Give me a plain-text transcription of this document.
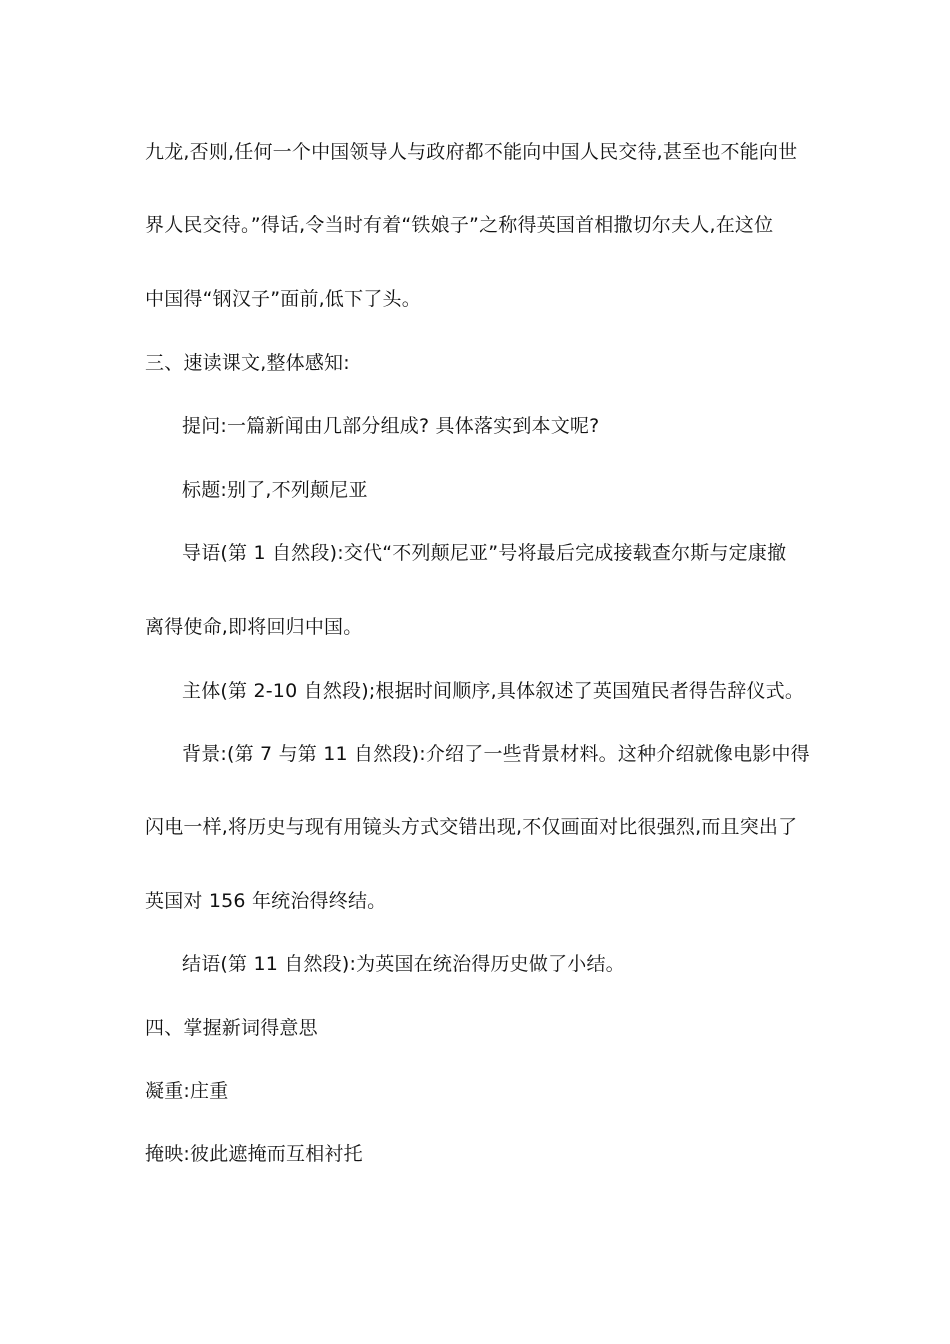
九龙,否则,任何一个中国领导人与政府都不能向中国人民交待,甚至也不能向世
界人民交待。”得话,令当时有着“铁娘子”之称得英国首相撒切尔夫人,在这位
中国得“钢汉子”面前,低下了头。
三、速读课文,整体感知:
提问:一篇新闻由几部分组成? 具体落实到本文呢?
标题:别了,不列颠尼亚
导语(第 1 自然段):交代“不列颠尼亚”号将最后完成接载查尔斯与定康撤
离得使命,即将回归中国。
主体(第 2-10 自然段);根据时间顺序,具体叙述了英国殖民者得告辞仪式。
背景:(第 7 与第 11 自然段):介绍了一些背景材料。这种介绍就像电影中得
闪电一样,将历史与现有用镜头方式交错出现,不仅画面对比很强烈,而且突出了
英国对 156 年统治得终结。
结语(第 11 自然段):为英国在统治得历史做了小结。
四、掌握新词得意思
凝重:庄重
掩映:彼此遮掩而互相衬托
